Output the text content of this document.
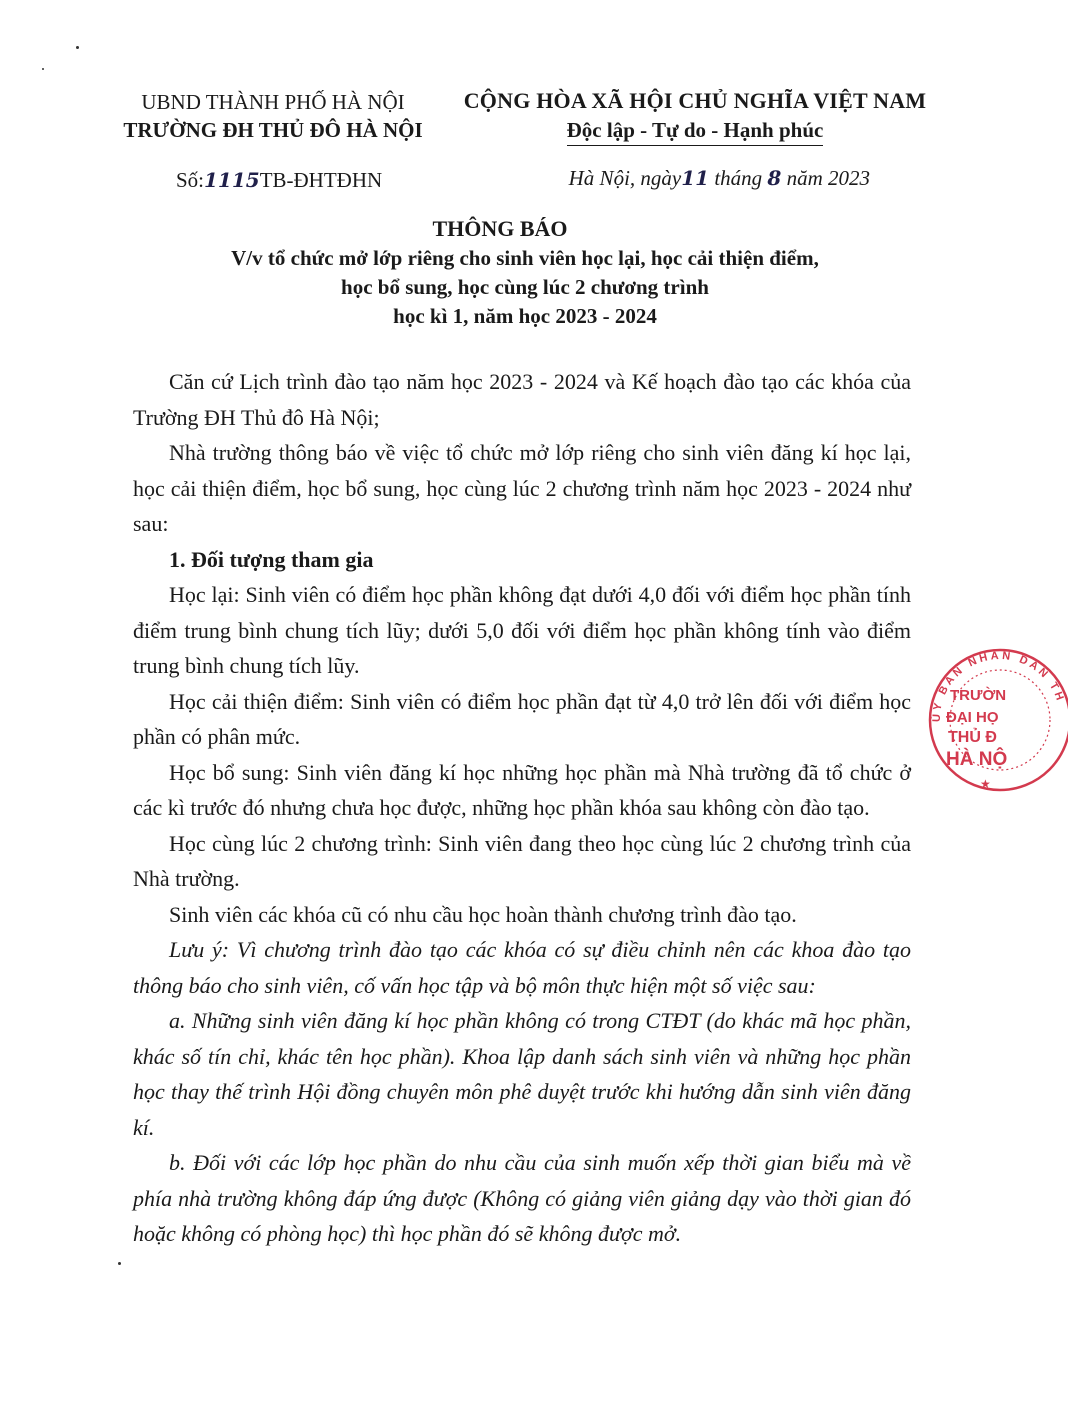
UBND THÀNH PHỐ HÀ NỘI
TRƯỜNG ĐH THỦ ĐÔ HÀ NỘI
CỘNG HÒA XÃ HỘI CHỦ NGHĨA VIỆT NAM
Độc lập - Tự do - Hạnh phúc
Số:1115TB-ĐHTĐHN	Hà Nội, ngày11 tháng 8 năm 2023
THÔNG BÁO
V/v tổ chức mở lớp riêng cho sinh viên học lại, học cải thiện điểm,
học bổ sung, học cùng lúc 2 chương trình
học kì 1, năm học 2023 - 2024

Căn cứ Lịch trình đào tạo năm học 2023 - 2024 và Kế hoạch đào tạo các khóa của Trường ĐH Thủ đô Hà Nội;

Nhà trường thông báo về việc tổ chức mở lớp riêng cho sinh viên đăng kí học lại, học cải thiện điểm, học bổ sung, học cùng lúc 2 chương trình năm học 2023 - 2024 như sau:

1. Đối tượng tham gia

Học lại: Sinh viên có điểm học phần không đạt dưới 4,0 đối với điểm học phần tính điểm trung bình chung tích lũy; dưới 5,0 đối với điểm học phần không tính vào điểm trung bình chung tích lũy.

Học cải thiện điểm: Sinh viên có điểm học phần đạt từ 4,0 trở lên đối với điểm học phần có phân mức.

Học bổ sung: Sinh viên đăng kí học những học phần mà Nhà trường đã tổ chức ở các kì trước đó nhưng chưa học được, những học phần khóa sau không còn đào tạo.

Học cùng lúc 2 chương trình: Sinh viên đang theo học cùng lúc 2 chương trình của Nhà trường.

Sinh viên các khóa cũ có nhu cầu học hoàn thành chương trình đào tạo.

Lưu ý: Vì chương trình đào tạo các khóa có sự điều chỉnh nên các khoa đào tạo thông báo cho sinh viên, cố vấn học tập và bộ môn thực hiện một số việc sau:

a. Những sinh viên đăng kí học phần không có trong CTĐT (do khác mã học phần, khác số tín chỉ, khác tên học phần). Khoa lập danh sách sinh viên và những học phần học thay thế trình Hội đồng chuyên môn phê duyệt trước khi hướng dẫn sinh viên đăng kí.

b. Đối với các lớp học phần do nhu cầu của sinh muốn xếp thời gian biểu mà về phía nhà trường không đáp ứng được (Không có giảng viên giảng dạy vào thời gian đó hoặc không có phòng học) thì học phần đó sẽ không được mở.

ỦY BAN NHÂN DÂN TH
TRƯỜN
ĐẠI HỌ
THỦ Đ
HÀ NỘ
★
